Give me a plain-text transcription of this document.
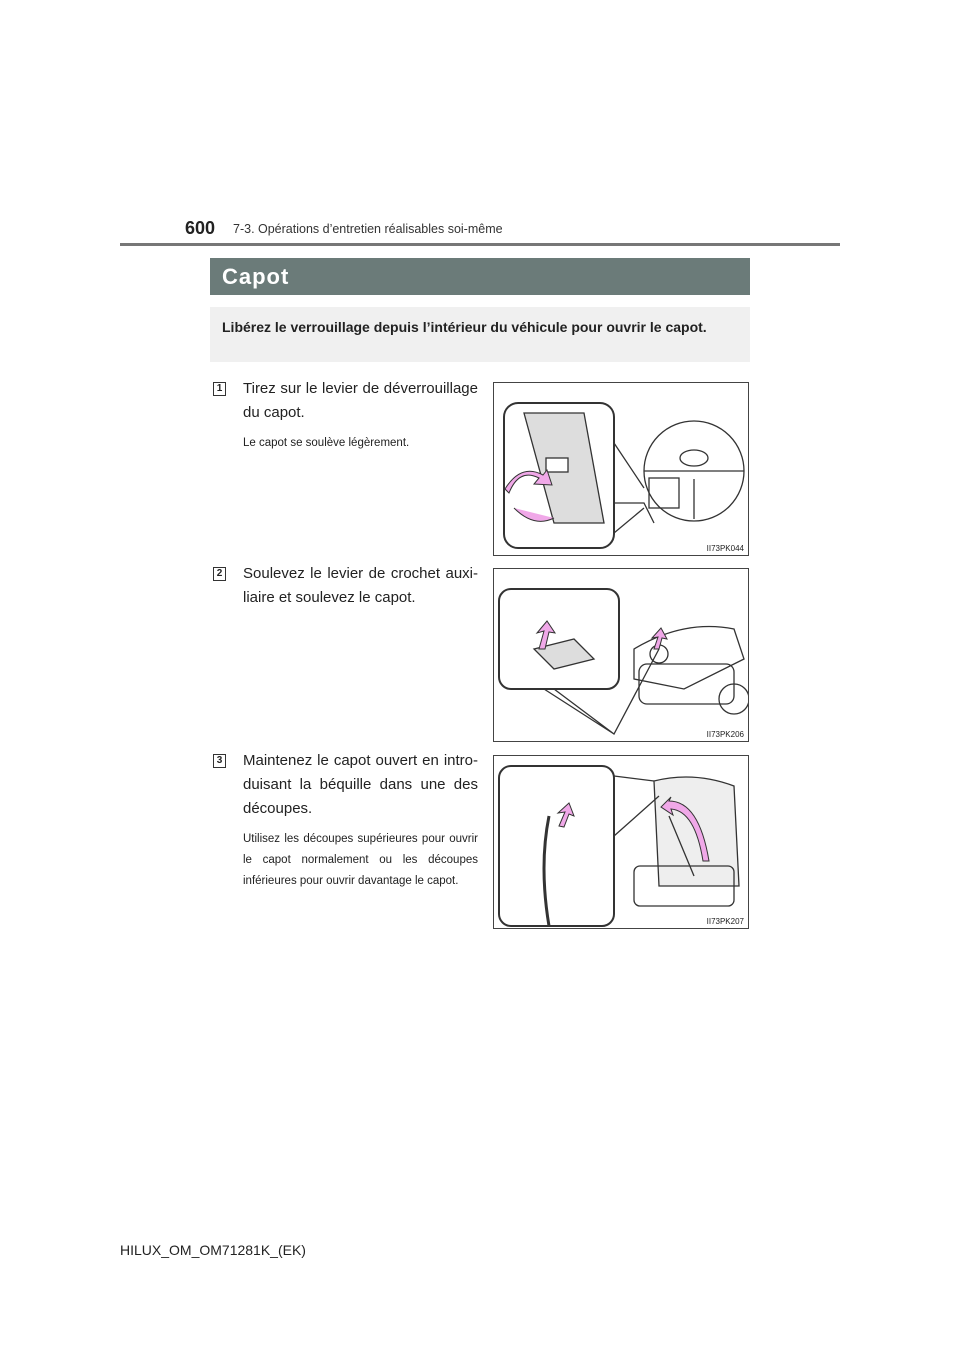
600 7-3. Opérations d’entretien réalisables soi-même
Capot
Libérez le verrouillage depuis l’intérieur du véhicule pour ouvrir le capot.
1 Tirez sur le levier de déverrouillage du capot.
Le capot se soulève légèrement.
II73PK044
2 Soulevez le levier de crochet auxi-liaire et soulevez le capot.
II73PK206
3 Maintenez le capot ouvert en intro-duisant la béquille dans une des découpes.
Utilisez les découpes supérieures pour ouvrir le capot normalement ou les découpes inférieures pour ouvrir davantage le capot.
II73PK207
HILUX_OM_OM71281K_(EK)
